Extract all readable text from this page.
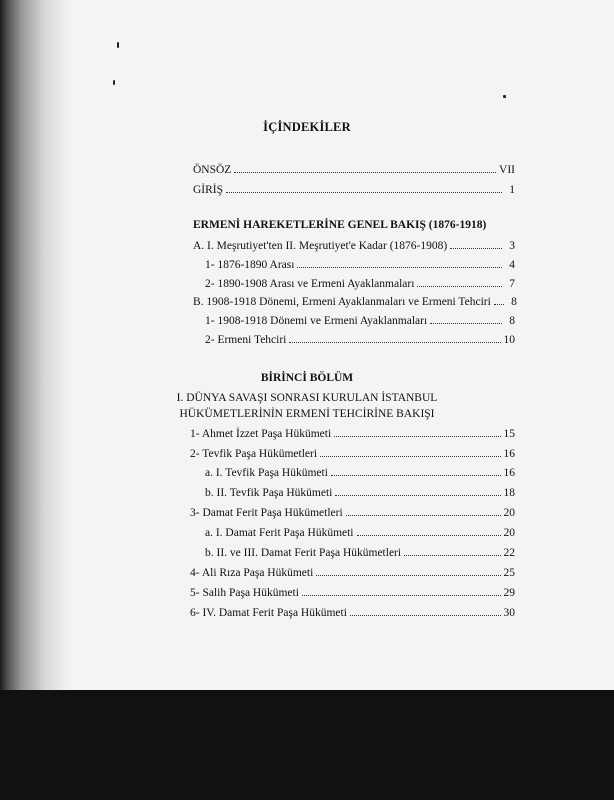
İÇİNDEKİLER
ÖNSÖZ	VII
GİRİŞ	1
ERMENİ HAREKETLERİNE GENEL BAKIŞ (1876-1918)
A. I. Meşrutiyet'ten II. Meşrutiyet'e Kadar (1876-1908)	3
1- 1876-1890 Arası	4
2- 1890-1908 Arası ve Ermeni Ayaklanmaları	7
B. 1908-1918 Dönemi, Ermeni Ayaklanmaları ve Ermeni Tehciri	8
1- 1908-1918 Dönemi ve Ermeni Ayaklanmaları	8
2- Ermeni Tehciri	10
BİRİNCİ BÖLÜM
I. DÜNYA SAVAŞI SONRASI KURULAN İSTANBUL
HÜKÜMETLERİNİN ERMENİ TEHCİRİNE BAKIŞI
1- Ahmet İzzet Paşa Hükümeti	15
2- Tevfik Paşa Hükümetleri	16
a. I. Tevfik Paşa Hükümeti	16
b. II. Tevfik Paşa Hükümeti	18
3- Damat Ferit Paşa Hükümetleri	20
a. I. Damat Ferit Paşa Hükümeti	20
b. II. ve III. Damat Ferit Paşa Hükümetleri	22
4- Ali Rıza Paşa Hükümeti	25
5- Salih Paşa Hükümeti	29
6- IV. Damat Ferit Paşa Hükümeti	30
